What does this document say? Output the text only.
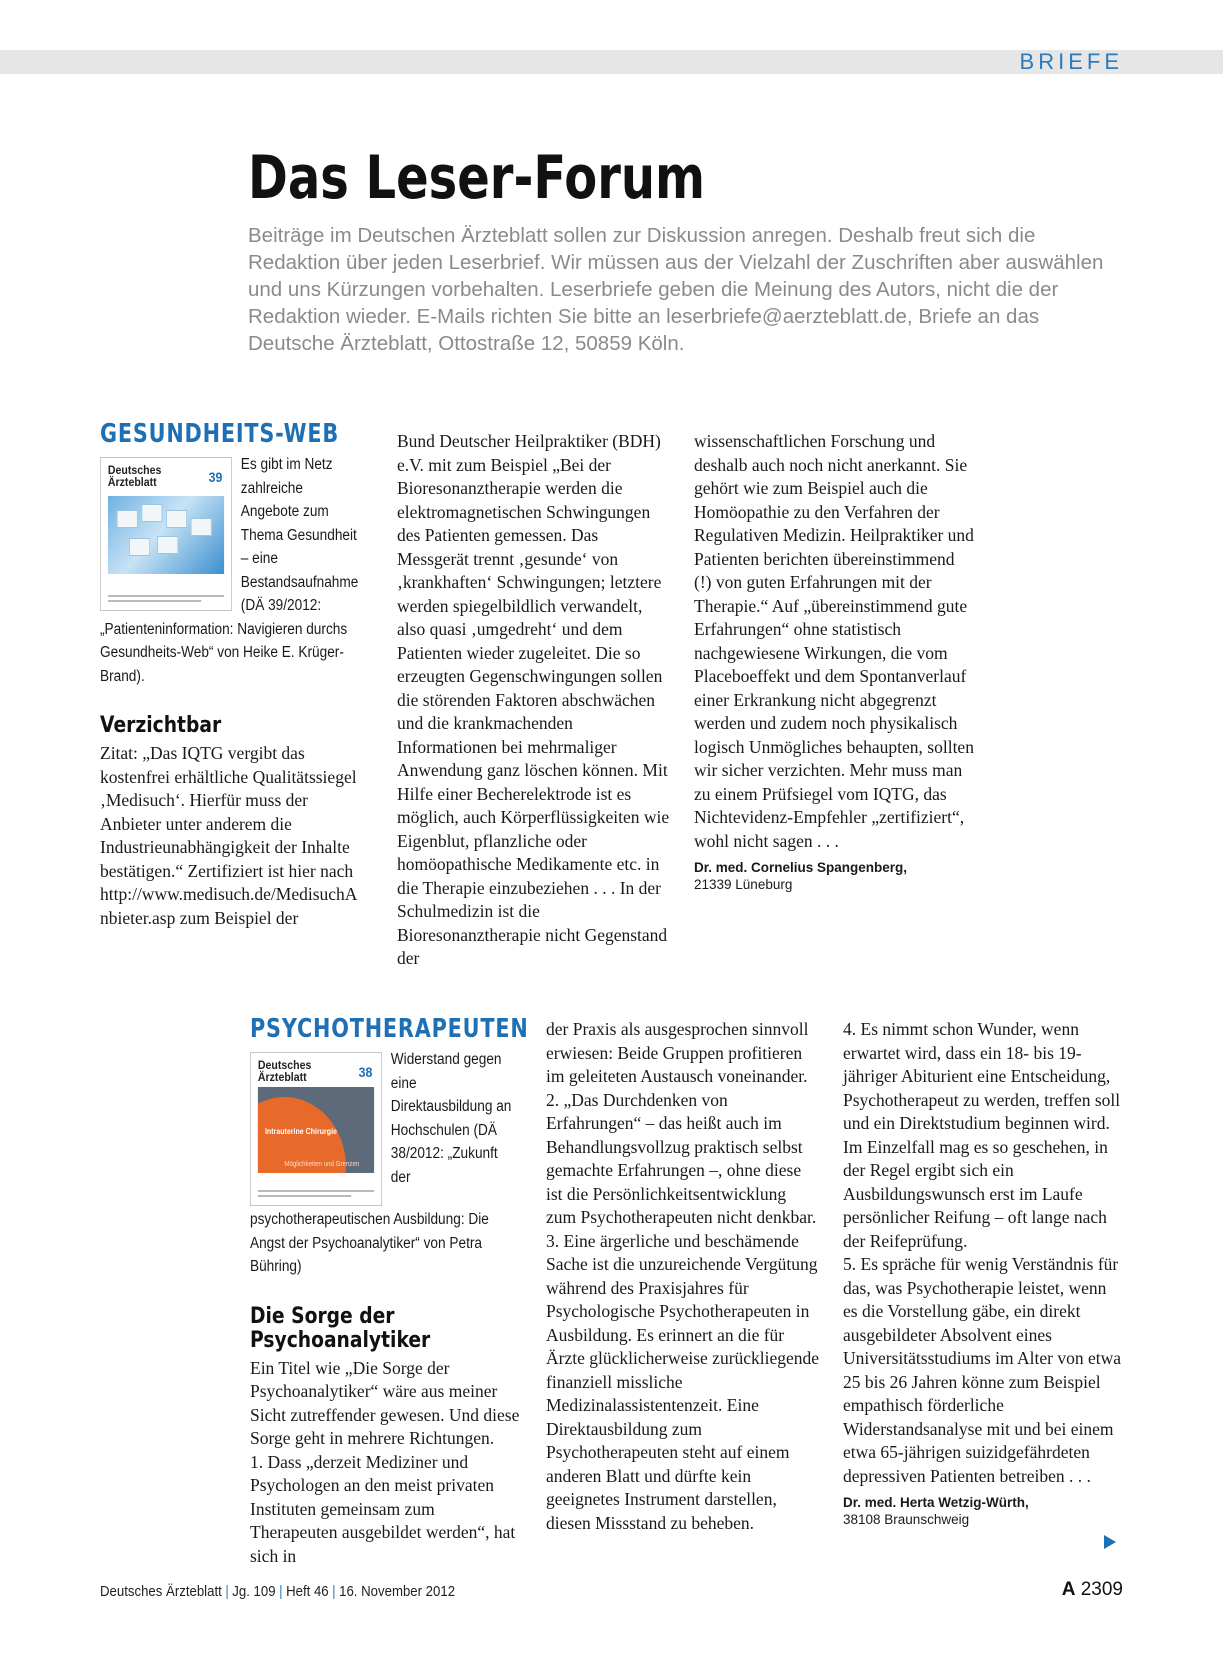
BRIEFE
Das Leser-Forum
Beiträge im Deutschen Ärzteblatt sollen zur Diskussion anregen. Deshalb freut sich die Redaktion über jeden Leserbrief. Wir müssen aus der Vielzahl der Zuschriften aber auswählen und uns Kürzungen vorbehalten. Leserbriefe geben die Meinung des Autors, nicht die der Redaktion wieder. E-Mails richten Sie bitte an leserbriefe@aerzteblatt.de, Briefe an das Deutsche Ärzteblatt, Ottostraße 12, 50859 Köln.
GESUNDHEITS-WEB
Deutsches
Ärzteblatt	39
Es gibt im Netz zahlreiche Angebote zum Thema Gesundheit – eine Bestandsaufnahme (DÄ 39/2012: „Patienteninformation: Navigieren durchs Gesundheits-Web“ von Heike E. Krüger-Brand).
Verzichtbar

Zitat: „Das IQTG vergibt das kostenfrei erhältliche Qualitätssiegel ‚Medisuch‘. Hierfür muss der Anbieter unter anderem die Industrieunabhängigkeit der Inhalte bestätigen.“ Zertifiziert ist hier nach http://www.medisuch.de/MedisuchAnbieter.asp zum Beispiel der

Bund Deutscher Heilpraktiker (BDH) e.V. mit zum Beispiel „Bei der Bioresonanztherapie werden die elektromagnetischen Schwingungen des Patienten gemessen. Das Messgerät trennt ‚gesunde‘ von ‚krankhaften‘ Schwingungen; letztere werden spiegelbildlich verwandelt, also quasi ‚umgedreht‘ und dem Patienten wieder zugeleitet. Die so erzeugten Gegenschwingungen sollen die störenden Faktoren abschwächen und die krankmachenden Informationen bei mehrmaliger Anwendung ganz löschen können. Mit Hilfe einer Becherelektrode ist es möglich, auch Körperflüssigkeiten wie Eigenblut, pflanzliche oder homöopathische Medikamente etc. in die Therapie einzubeziehen . . . In der Schulmedizin ist die Bioresonanztherapie nicht Gegenstand der

wissenschaftlichen Forschung und deshalb auch noch nicht anerkannt. Sie gehört wie zum Beispiel auch die Homöopathie zu den Verfahren der Regulativen Medizin. Heilpraktiker und Patienten berichten übereinstimmend (!) von guten Erfahrungen mit der Therapie.“ Auf „übereinstimmend gute Erfahrungen“ ohne statistisch nachgewiesene Wirkungen, die vom Placeboeffekt und dem Spontanverlauf einer Erkrankung nicht abgegrenzt werden und zudem noch physikalisch logisch Unmögliches behaupten, sollten wir sicher verzichten. Mehr muss man zu einem Prüfsiegel vom IQTG, das Nichtevidenz-Empfehler „zertifiziert“, wohl nicht sagen . . .

Dr. med. Cornelius Spangenberg,
21339 Lüneburg
PSYCHOTHERAPEUTEN
Deutsches
Ärzteblatt	38
Intrauterine Chirurgie
Möglichkeiten und Grenzen
Widerstand gegen eine Direktausbildung an Hochschulen (DÄ 38/2012: „Zukunft der psychotherapeutischen Ausbildung: Die Angst der Psychoanalytiker“ von Petra Bühring)
Die Sorge der
Psychoanalytiker

Ein Titel wie „Die Sorge der Psychoanalytiker“ wäre aus meiner Sicht zutreffender gewesen. Und diese Sorge geht in mehrere Richtungen.

1. Dass „derzeit Mediziner und Psychologen an den meist privaten Instituten gemeinsam zum Therapeuten ausgebildet werden“, hat sich in

der Praxis als ausgesprochen sinnvoll erwiesen: Beide Gruppen profitieren im geleiteten Austausch voneinander.

2. „Das Durchdenken von Erfahrungen“ – das heißt auch im Behandlungsvollzug praktisch selbst gemachte Erfahrungen –, ohne diese ist die Persönlichkeitsentwicklung zum Psychotherapeuten nicht denkbar.

3. Eine ärgerliche und beschämende Sache ist die unzureichende Vergütung während des Praxisjahres für Psychologische Psychotherapeuten in Ausbildung. Es erinnert an die für Ärzte glücklicherweise zurückliegende finanziell missliche Medizinalassistentenzeit. Eine Direktausbildung zum Psychotherapeuten steht auf einem anderen Blatt und dürfte kein geeignetes Instrument darstellen, diesen Missstand zu beheben.

4. Es nimmt schon Wunder, wenn erwartet wird, dass ein 18- bis 19-jähriger Abiturient eine Entscheidung, Psychotherapeut zu werden, treffen soll und ein Direktstudium beginnen wird. Im Einzelfall mag es so geschehen, in der Regel ergibt sich ein Ausbildungswunsch erst im Laufe persönlicher Reifung – oft lange nach der Reifeprüfung.

5. Es spräche für wenig Verständnis für das, was Psychotherapie leistet, wenn es die Vorstellung gäbe, ein direkt ausgebildeter Absolvent eines Universitätsstudiums im Alter von etwa 25 bis 26 Jahren könne zum Beispiel empathisch förderliche Widerstandsanalyse mit und bei einem etwa 65-jährigen suizidgefährdeten depressiven Patienten betreiben . . .

Dr. med. Herta Wetzig-Würth,
38108 Braunschweig
Deutsches Ärzteblatt | Jg. 109 | Heft 46 | 16. November 2012	A 2309
